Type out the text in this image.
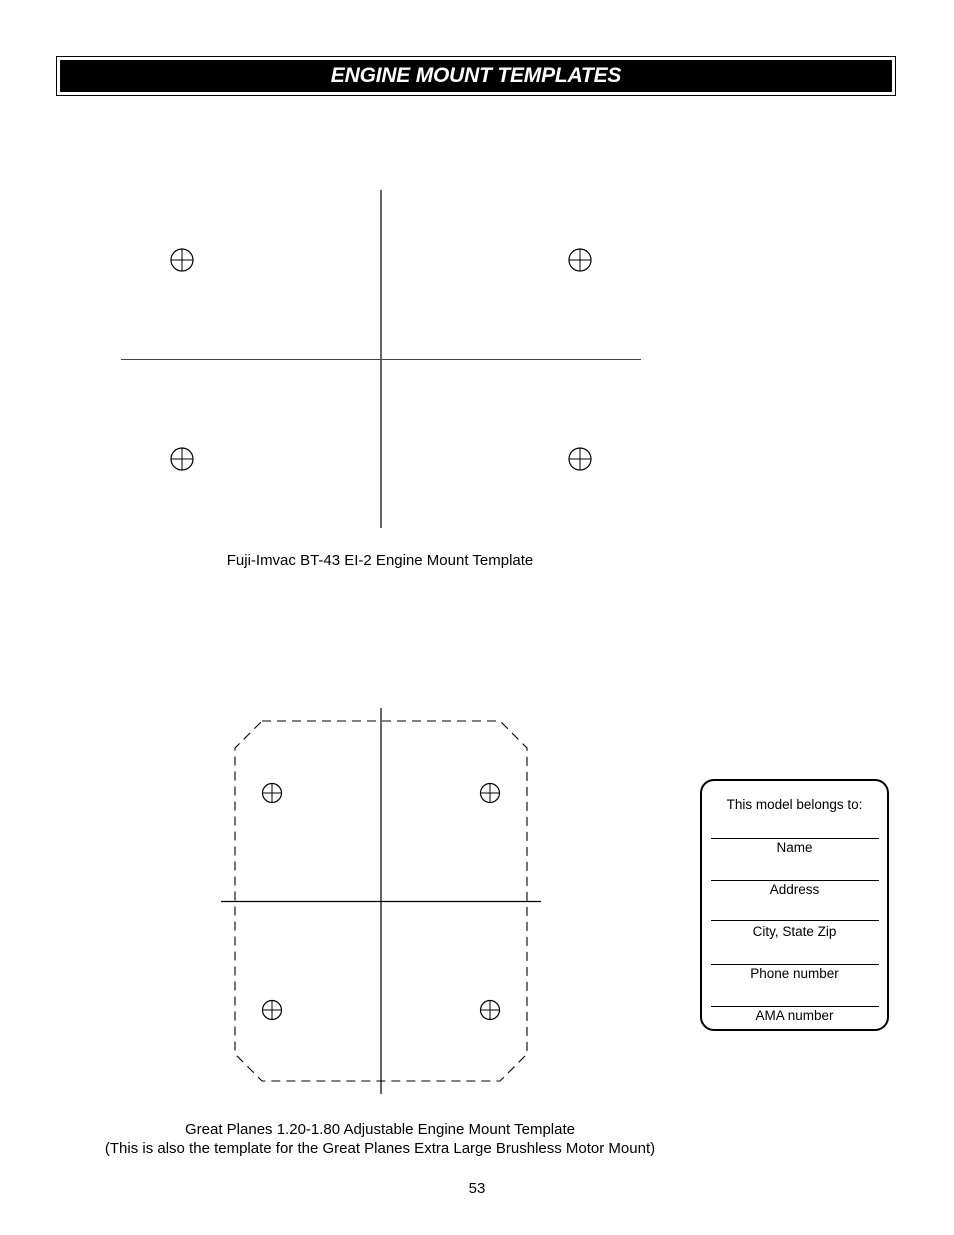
ENGINE MOUNT TEMPLATES
Fuji-Imvac BT-43 EI-2 Engine Mount Template
Great Planes 1.20-1.80 Adjustable Engine Mount Template
(This is also the template for the Great Planes Extra Large Brushless Motor Mount)
This model belongs to:
Name
Address
City, State Zip
Phone number
AMA number
53
